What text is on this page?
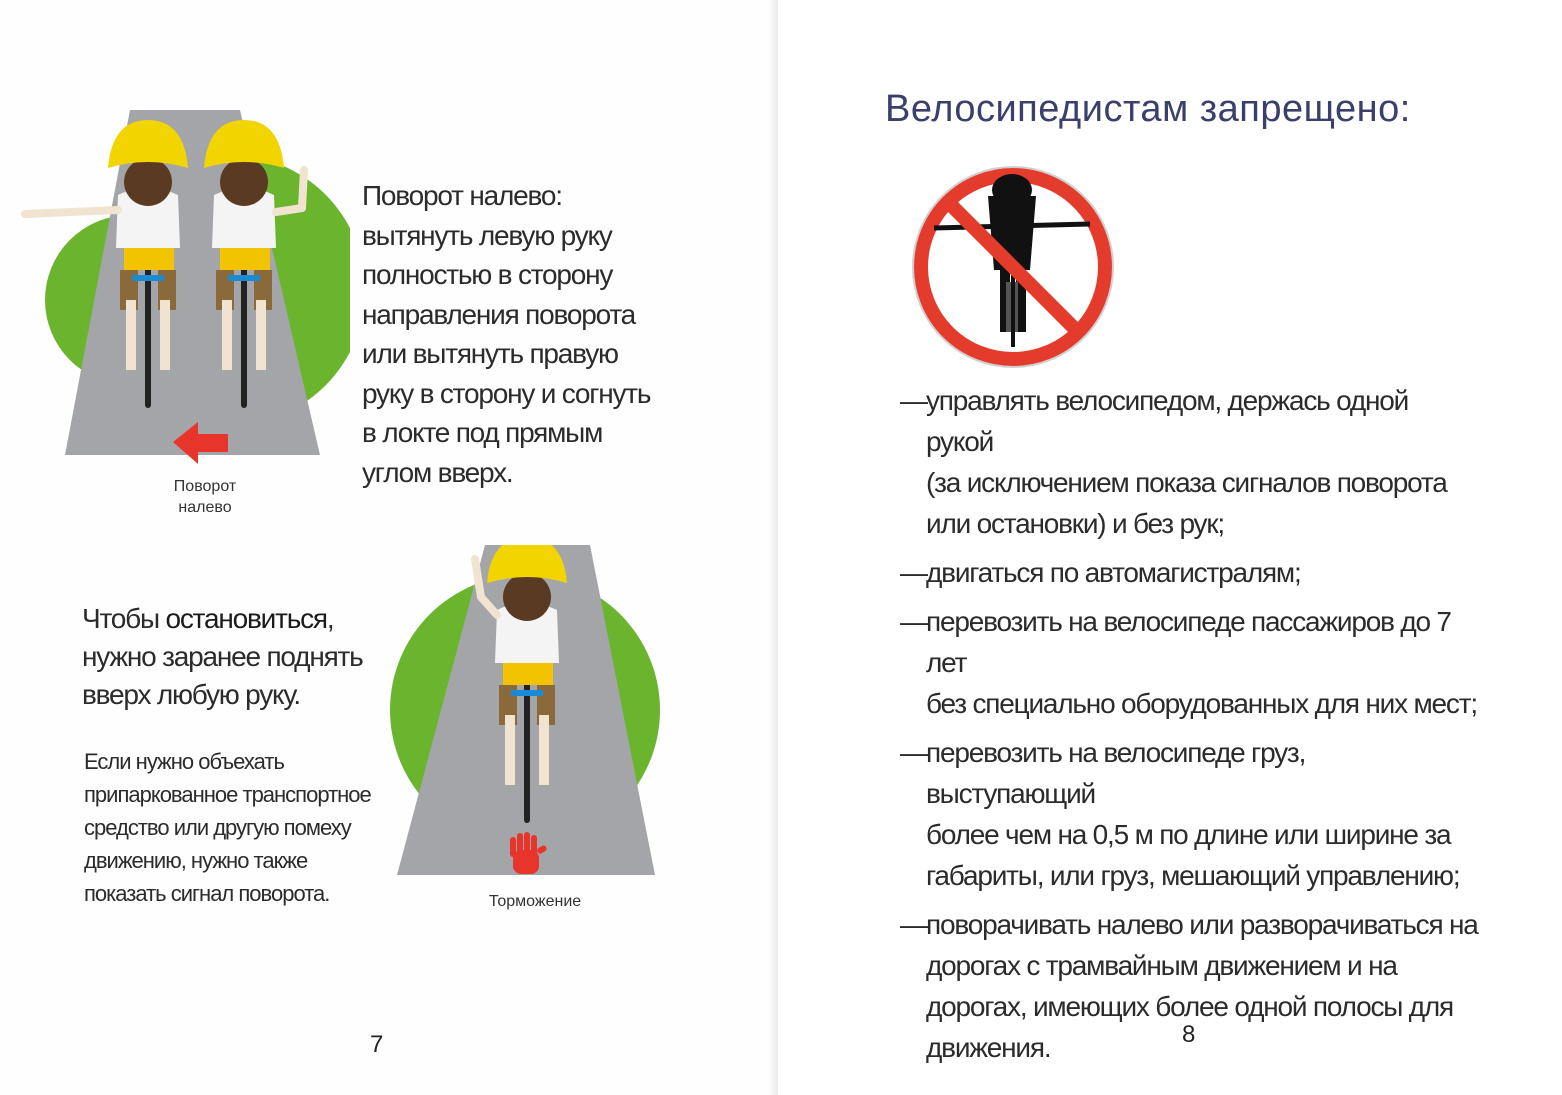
Поворот
налево
Поворот налево:
вытянуть левую руку
полностью в сторону
направления поворота
или вытянуть правую
руку в сторону и согнуть
в локте под прямым
углом вверх.
Чтобы остановиться,
нужно заранее поднять
вверх любую руку.
Если нужно объехать
припаркованное транспортное
средство или другую помеху
движению, нужно также
показать сигнал поворота.	Торможение
7
Велосипедистам запрещено:
— управлять велосипедом, держась одной рукой
(за исключением показа сигналов поворота
или остановки) и без рук;
— двигаться по автомагистралям;
— перевозить на велосипеде пассажиров до 7 лет
без специально оборудованных для них мест;
— перевозить на велосипеде груз, выступающий
более чем на 0,5 м по длине или ширине за
габариты, или груз, мешающий управлению;
— поворачивать налево или разворачиваться на
дорогах с трамвайным движением и на
дорогах, имеющих более одной полосы для
движения.	8
